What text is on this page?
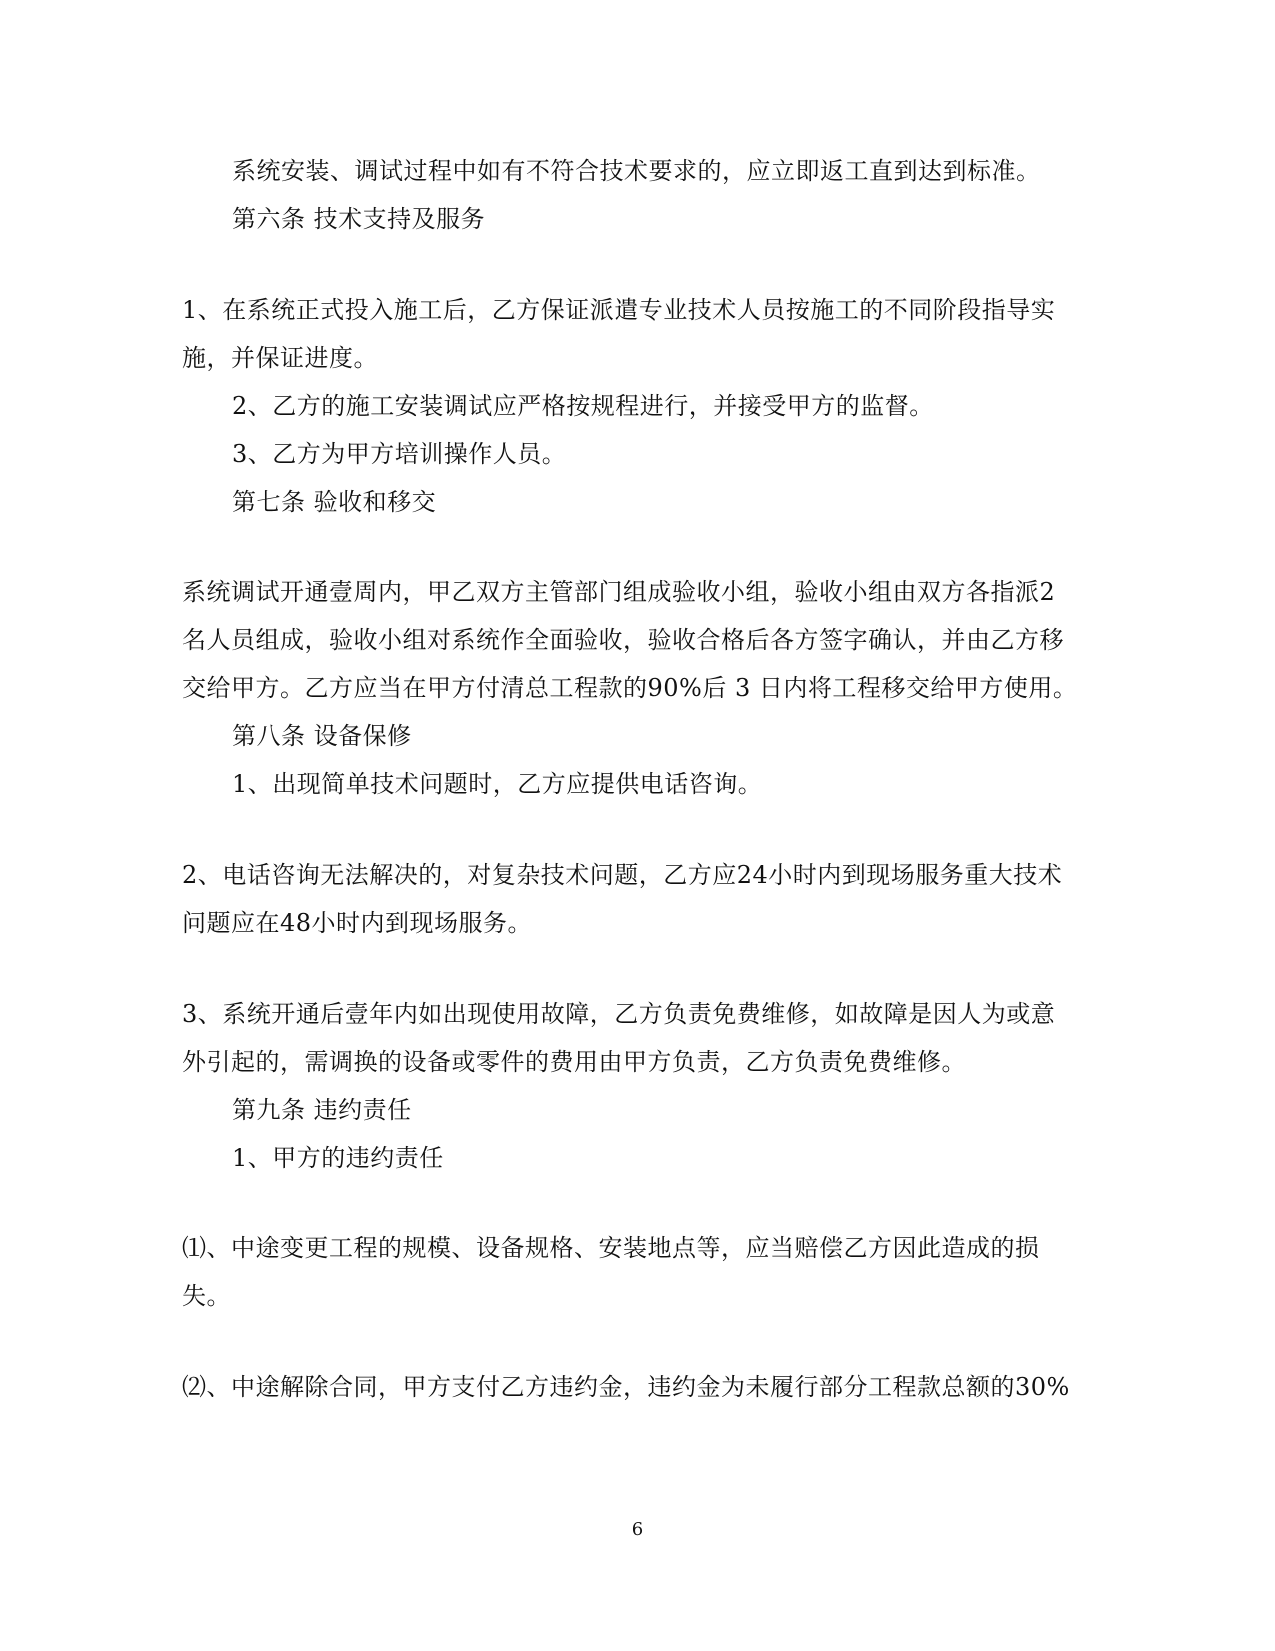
系统安装、调试过程中如有不符合技术要求的，应立即返工直到达到标准。
第六条 技术支持及服务
1、在系统正式投入施工后，乙方保证派遣专业技术人员按施工的不同阶段指导实
施，并保证进度。
2、乙方的施工安装调试应严格按规程进行，并接受甲方的监督。
3、乙方为甲方培训操作人员。
第七条 验收和移交
系统调试开通壹周内，甲乙双方主管部门组成验收小组，验收小组由双方各指派2
名人员组成，验收小组对系统作全面验收，验收合格后各方签字确认，并由乙方移
交给甲方。乙方应当在甲方付清总工程款的90%后 3 日内将工程移交给甲方使用。
第八条 设备保修
1、出现简单技术问题时，乙方应提供电话咨询。
2、电话咨询无法解决的，对复杂技术问题，乙方应24小时内到现场服务重大技术
问题应在48小时内到现场服务。
3、系统开通后壹年内如出现使用故障，乙方负责免费维修，如故障是因人为或意
外引起的，需调换的设备或零件的费用由甲方负责，乙方负责免费维修。
第九条 违约责任
1、甲方的违约责任
⑴、中途变更工程的规模、设备规格、安装地点等，应当赔偿乙方因此造成的损
失。
⑵、中途解除合同，甲方支付乙方违约金，违约金为未履行部分工程款总额的30%
6
